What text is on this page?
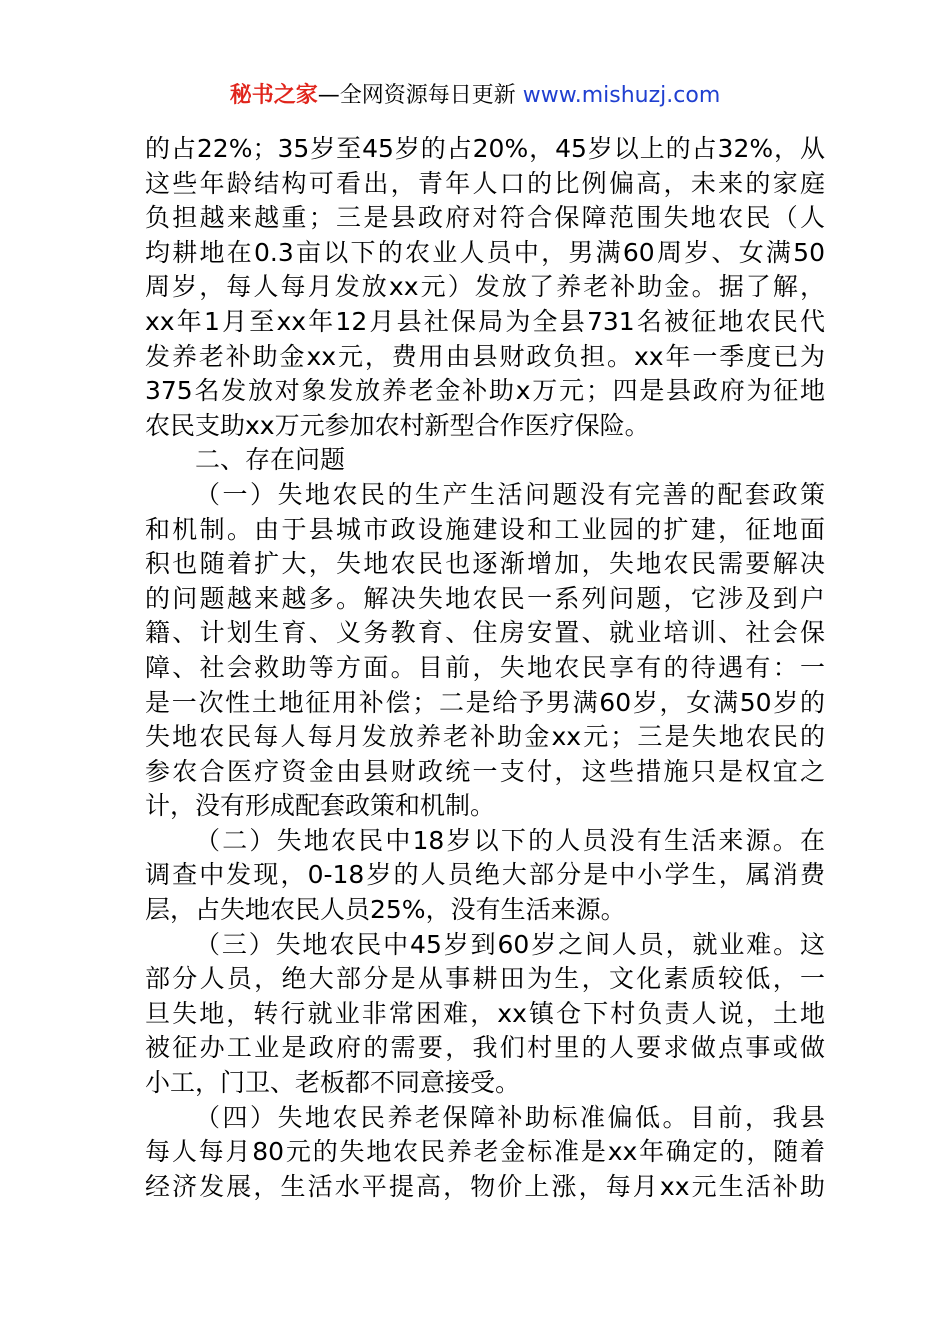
秘书之家—全网资源每日更新 www.mishuzj.com
的占22%；35岁至45岁的占20%，45岁以上的占32%，从
这些年龄结构可看出，青年人口的比例偏高，未来的家庭
负担越来越重；三是县政府对符合保障范围失地农民（人
均耕地在0.3亩以下的农业人员中，男满60周岁、女满50
周岁，每人每月发放xx元）发放了养老补助金。据了解，
xx年1月至xx年12月县社保局为全县731名被征地农民代
发养老补助金xx元，费用由县财政负担。xx年一季度已为
375名发放对象发放养老金补助x万元；四是县政府为征地
农民支助xx万元参加农村新型合作医疗保险。
二、存在问题
（一）失地农民的生产生活问题没有完善的配套政策
和机制。由于县城市政设施建设和工业园的扩建，征地面
积也随着扩大，失地农民也逐渐增加，失地农民需要解决
的问题越来越多。解决失地农民一系列问题，它涉及到户
籍、计划生育、义务教育、住房安置、就业培训、社会保
障、社会救助等方面。目前，失地农民享有的待遇有：一
是一次性土地征用补偿；二是给予男满60岁，女满50岁的
失地农民每人每月发放养老补助金xx元；三是失地农民的
参农合医疗资金由县财政统一支付，这些措施只是权宜之
计，没有形成配套政策和机制。
（二）失地农民中18岁以下的人员没有生活来源。在
调查中发现，0-18岁的人员绝大部分是中小学生，属消费
层，占失地农民人员25%，没有生活来源。
（三）失地农民中45岁到60岁之间人员，就业难。这
部分人员，绝大部分是从事耕田为生，文化素质较低，一
旦失地，转行就业非常困难，xx镇仓下村负责人说，土地
被征办工业是政府的需要，我们村里的人要求做点事或做
小工，门卫、老板都不同意接受。
（四）失地农民养老保障补助标准偏低。目前，我县
每人每月80元的失地农民养老金标准是xx年确定的，随着
经济发展，生活水平提高，物价上涨，每月xx元生活补助
